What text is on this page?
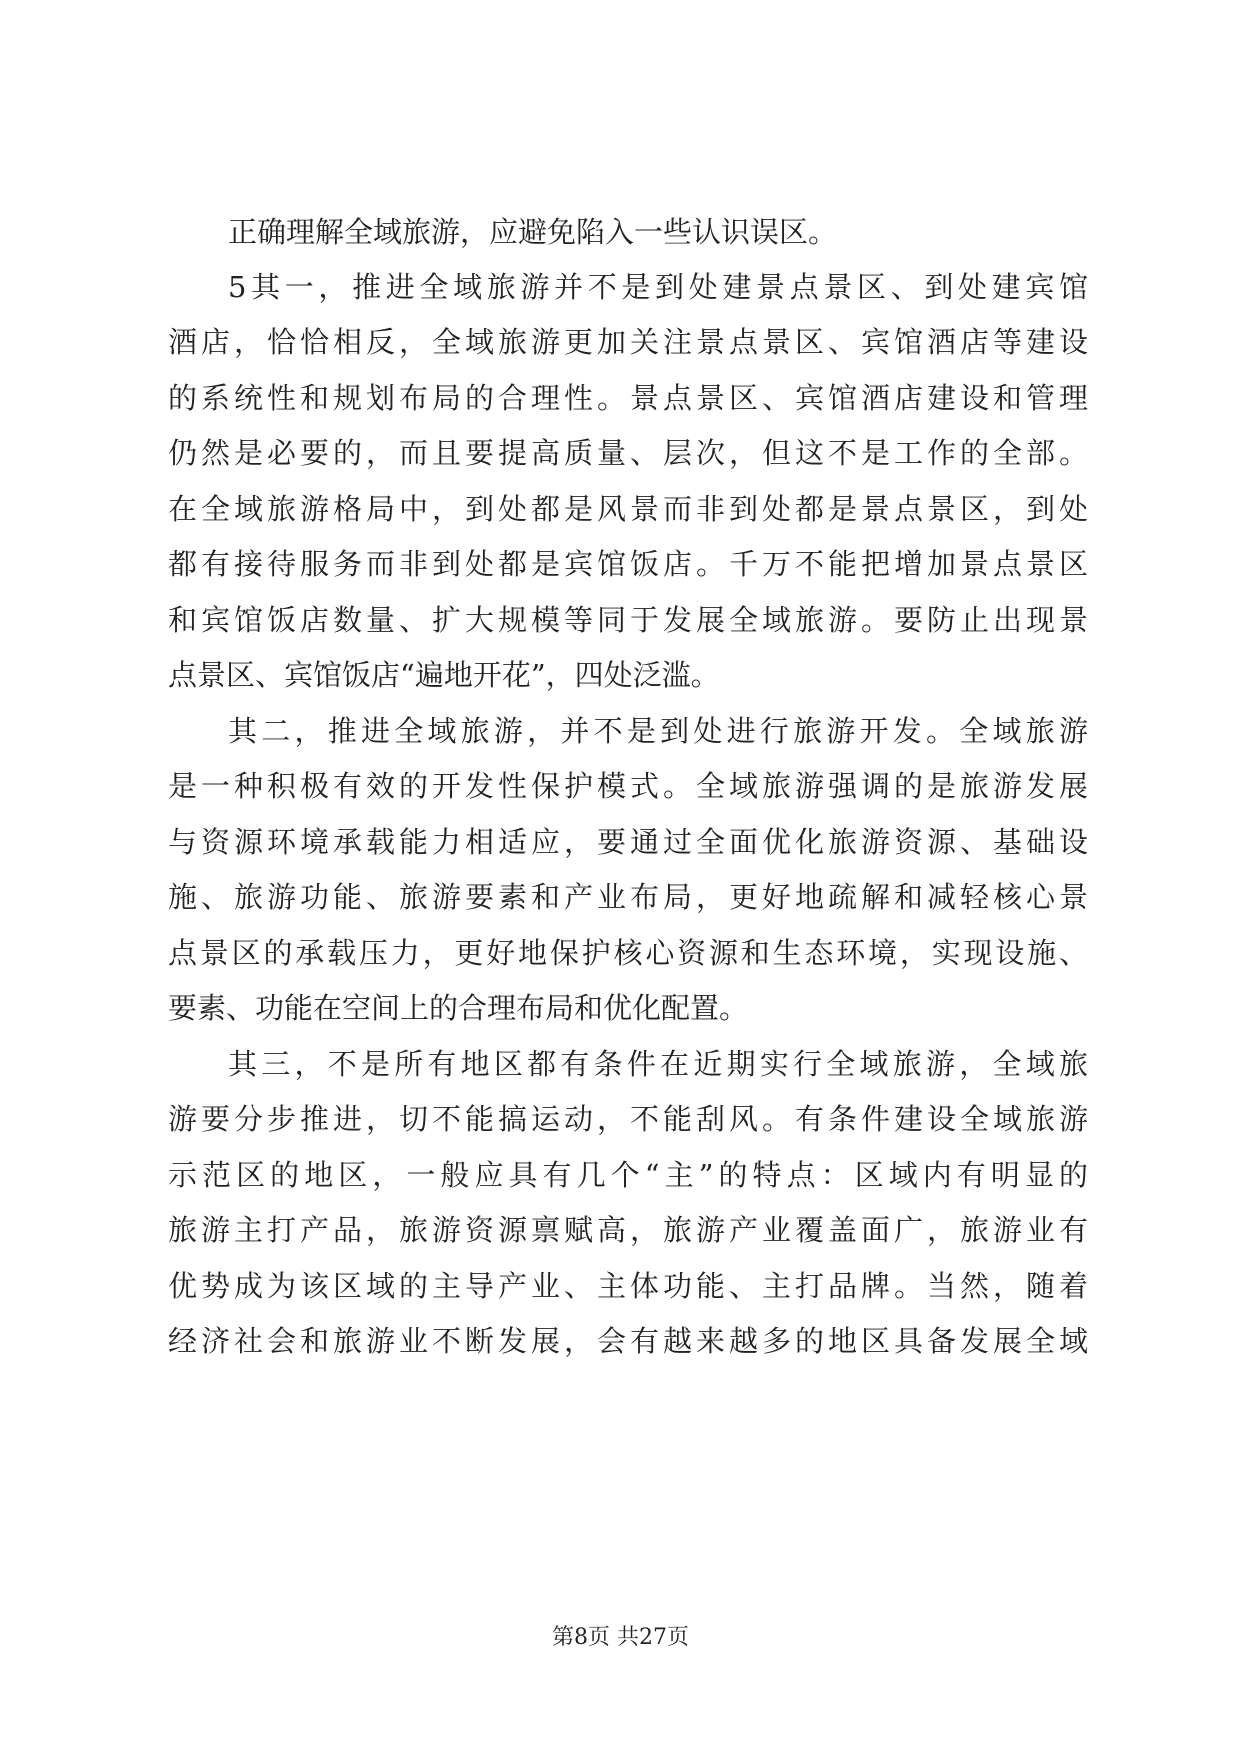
正确理解全域旅游，应避免陷入一些认识误区。
5其一，推进全域旅游并不是到处建景点景区、到处建宾馆
酒店，恰恰相反，全域旅游更加关注景点景区、宾馆酒店等建设
的系统性和规划布局的合理性。景点景区、宾馆酒店建设和管理
仍然是必要的，而且要提高质量、层次，但这不是工作的全部。
在全域旅游格局中，到处都是风景而非到处都是景点景区，到处
都有接待服务而非到处都是宾馆饭店。千万不能把增加景点景区
和宾馆饭店数量、扩大规模等同于发展全域旅游。要防止出现景
点景区、宾馆饭店“遍地开花”，四处泛滥。
其二，推进全域旅游，并不是到处进行旅游开发。全域旅游
是一种积极有效的开发性保护模式。全域旅游强调的是旅游发展
与资源环境承载能力相适应，要通过全面优化旅游资源、基础设
施、旅游功能、旅游要素和产业布局，更好地疏解和减轻核心景
点景区的承载压力，更好地保护核心资源和生态环境，实现设施、
要素、功能在空间上的合理布局和优化配置。
其三，不是所有地区都有条件在近期实行全域旅游，全域旅
游要分步推进，切不能搞运动，不能刮风。有条件建设全域旅游
示范区的地区，一般应具有几个“主”的特点：区域内有明显的
旅游主打产品，旅游资源禀赋高，旅游产业覆盖面广，旅游业有
优势成为该区域的主导产业、主体功能、主打品牌。当然，随着
经济社会和旅游业不断发展，会有越来越多的地区具备发展全域
第8页 共27页
